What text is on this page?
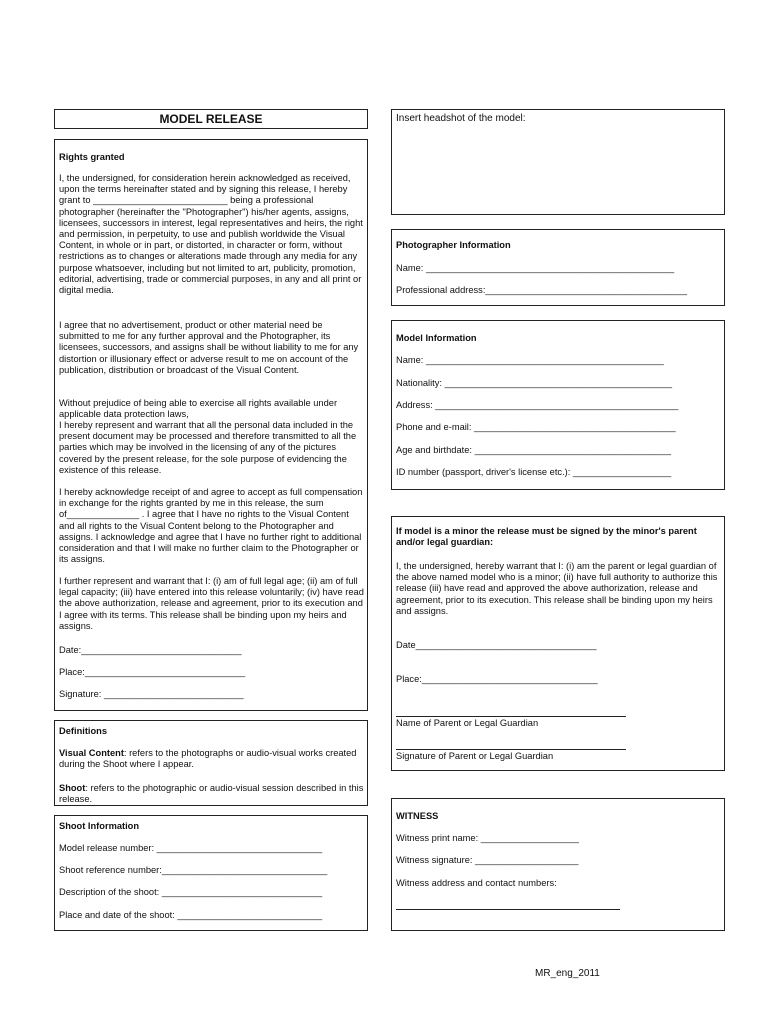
MODEL RELEASE

Rights granted

I, the undersigned, for consideration herein acknowledged as received, upon the terms hereinafter stated and by signing this release, I hereby grant to __________________________ being a professional photographer (hereinafter the "Photographer") his/her agents, assigns, licensees, successors in interest, legal representatives and heirs, the right and permission, in perpetuity, to use and publish worldwide the Visual Content, in whole or in part, or distorted, in character or form, without restrictions as to changes or alterations made through any media for any purpose whatsoever, including but not limited to art, publicity, promotion, editorial, advertising, trade or commercial purposes, in any and all print or digital media.

I agree that no advertisement, product or other material need be submitted to me for any further approval and the Photographer, its licensees, successors, and assigns shall be without liability to me for any distortion or illusionary effect or adverse result to me on account of the publication, distribution or broadcast of the Visual Content.

Without prejudice of being able to exercise all rights available under applicable data protection laws,

I hereby represent and warrant that all the personal data included in the present document may be processed and therefore transmitted to all the parties which may be involved in the licensing of any of the pictures covered by the present release, for the sole purpose of evidencing the existence of this release.

I hereby acknowledge receipt of and agree to accept as full compensation in exchange for the rights granted by me in this release, the sum of______________ . I agree that I have no rights to the Visual Content and all rights to the Visual Content belong to the Photographer and assigns. I acknowledge and agree that I have no further right to additional consideration and that I will make no further claim to the Photographer or its assigns.

I further represent and warrant that I: (i) am of full legal age; (ii) am of full legal capacity; (iii) have entered into this release voluntarily; (iv) have read the above authorization, release and agreement, prior to its execution and I agree with its terms. This release shall be binding upon my heirs and assigns.

Date:_______________________________
Place:_______________________________
Signature: ___________________________

Definitions

Visual Content: refers to the photographs or audio-visual works created during the Shoot where I appear.

Shoot: refers to the photographic or audio-visual session described in this release.

Shoot Information

Model release number: ________________________________
Shoot reference number:________________________________
Description of the shoot: _______________________________
Place and date of the shoot: ____________________________
Insert headshot of the model:

Photographer Information

Name: ________________________________________________
Professional address:_______________________________________

Model Information

Name: ______________________________________________
Nationality: ____________________________________________
Address: _______________________________________________
Phone and e-mail: _______________________________________
Age and birthdate: ______________________________________
ID number (passport, driver's license etc.): ___________________

If model is a minor the release must be signed by the minor's parent and/or legal guardian:

I, the undersigned, hereby warrant that I: (i) am the parent or legal guardian of the above named model who is a minor; (ii) have full authority to authorize this release (iii) have read and approved the above authorization, release and agreement, prior to its execution. This release shall be binding upon my heirs and assigns.

Date___________________________________
Place:__________________________________
Name of Parent or Legal Guardian
Signature of Parent or Legal Guardian

WITNESS

Witness print name: ___________________
Witness signature: ____________________
Witness address and contact numbers:
MR_eng_2011
